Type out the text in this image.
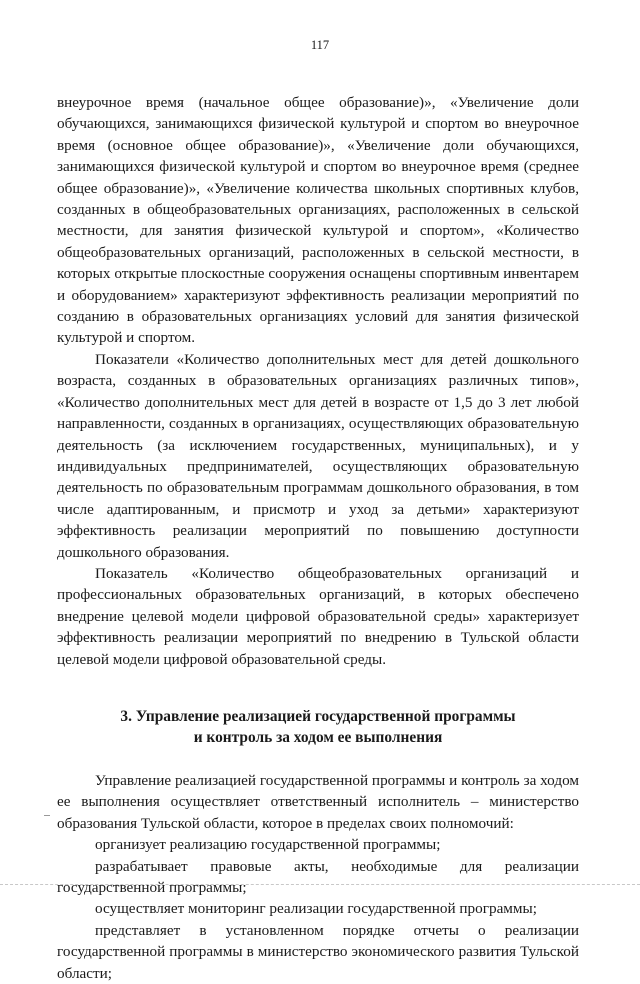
117

внеурочное время (начальное общее образование)», «Увеличение доли обучающихся, занимающихся физической культурой и спортом во внеурочное время (основное общее образование)», «Увеличение доли обучающихся, занимающихся физической культурой и спортом во внеурочное время (среднее общее образование)», «Увеличение количества школьных спортивных клубов, созданных в общеобразовательных организациях, расположенных в сельской местности, для занятия физической культурой и спортом», «Количество общеобразовательных организаций, расположенных в сельской местности, в которых открытые плоскостные сооружения оснащены спортивным инвентарем и оборудованием» характеризуют эффективность реализации мероприятий по созданию в образовательных организациях условий для занятия физической культурой и спортом.

Показатели «Количество дополнительных мест для детей дошкольного возраста, созданных в образовательных организациях различных типов», «Количество дополнительных мест для детей в возрасте от 1,5 до 3 лет любой направленности, созданных в организациях, осуществляющих образовательную деятельность (за исключением государственных, муниципальных), и у индивидуальных предпринимателей, осуществляющих образовательную деятельность по образовательным программам дошкольного образования, в том числе адаптированным, и присмотр и уход за детьми» характеризуют эффективность реализации мероприятий по повышению доступности дошкольного образования.

Показатель «Количество общеобразовательных организаций и профессиональных образовательных организаций, в которых обеспечено внедрение целевой модели цифровой образовательной среды» характеризует эффективность реализации мероприятий по внедрению в Тульской области целевой модели цифровой образовательной среды.

3. Управление реализацией государственной программы
и контроль за ходом ее выполнения

Управление реализацией государственной программы и контроль за ходом ее выполнения осуществляет ответственный исполнитель – министерство образования Тульской области, которое в пределах своих полномочий:

организует реализацию государственной программы;

разрабатывает правовые акты, необходимые для реализации государственной программы;

осуществляет мониторинг реализации государственной программы;

представляет в установленном порядке отчеты о реализации государственной программы в министерство экономического развития Тульской области;
